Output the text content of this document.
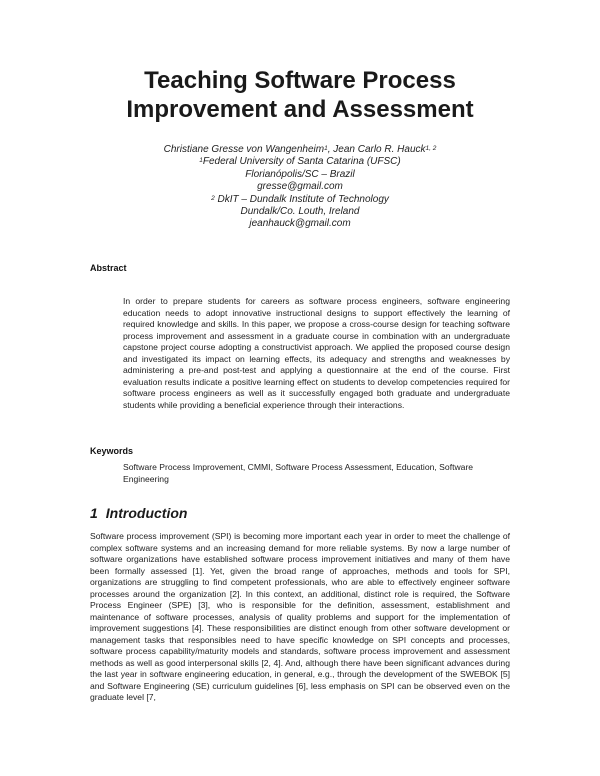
Teaching Software Process
Improvement and Assessment
Christiane Gresse von Wangenheim$^1$, Jean Carlo R. Hauck$^{1, 2}$
$^1$Federal University of Santa Catarina (UFSC)
Florianópolis/SC – Brazil
gresse@gmail.com
$^2$ DkIT – Dundalk Institute of Technology
Dundalk/Co. Louth, Ireland
jeanhauck@gmail.com
Abstract
In order to prepare students for careers as software process engineers, software engineering education needs to adopt innovative instructional designs to support effectively the learning of required knowledge and skills. In this paper, we propose a cross-course design for teaching software process improvement and assessment in a graduate course in combination with an undergraduate capstone project course adopting a constructivist approach. We applied the proposed course design and investigated its impact on learning effects, its adequacy and strengths and weaknesses by administering a pre-and post-test and applying a questionnaire at the end of the course. First evaluation results indicate a positive learning effect on students to develop competencies required for software process engineers as well as it successfully engaged both graduate and undergraduate students while providing a beneficial experience through their interactions.
Keywords
Software Process Improvement, CMMI, Software Process Assessment, Education, Software Engineering
1 Introduction
Software process improvement (SPI) is becoming more important each year in order to meet the challenge of complex software systems and an increasing demand for more reliable systems. By now a large number of software organizations have established software process improvement initiatives and many of them have been formally assessed [1]. Yet, given the broad range of approaches, methods and tools for SPI, organizations are struggling to find competent professionals, who are able to effectively engineer software processes around the organization [2]. In this context, an additional, distinct role is required, the Software Process Engineer (SPE) [3], who is responsible for the definition, assessment, establishment and maintenance of software processes, analysis of quality problems and support for the implementation of improvement suggestions [4]. These responsibilities are distinct enough from other software development or management tasks that responsibles need to have specific knowledge on SPI concepts and processes, software process capability/maturity models and standards, software process improvement and assessment methods as well as good interpersonal skills [2, 4]. And, although there have been significant advances during the last year in software engineering education, in general, e.g., through the development of the SWEBOK [5] and Software Engineering (SE) curriculum guidelines [6], less emphasis on SPI can be observed even on the graduate level [7,
